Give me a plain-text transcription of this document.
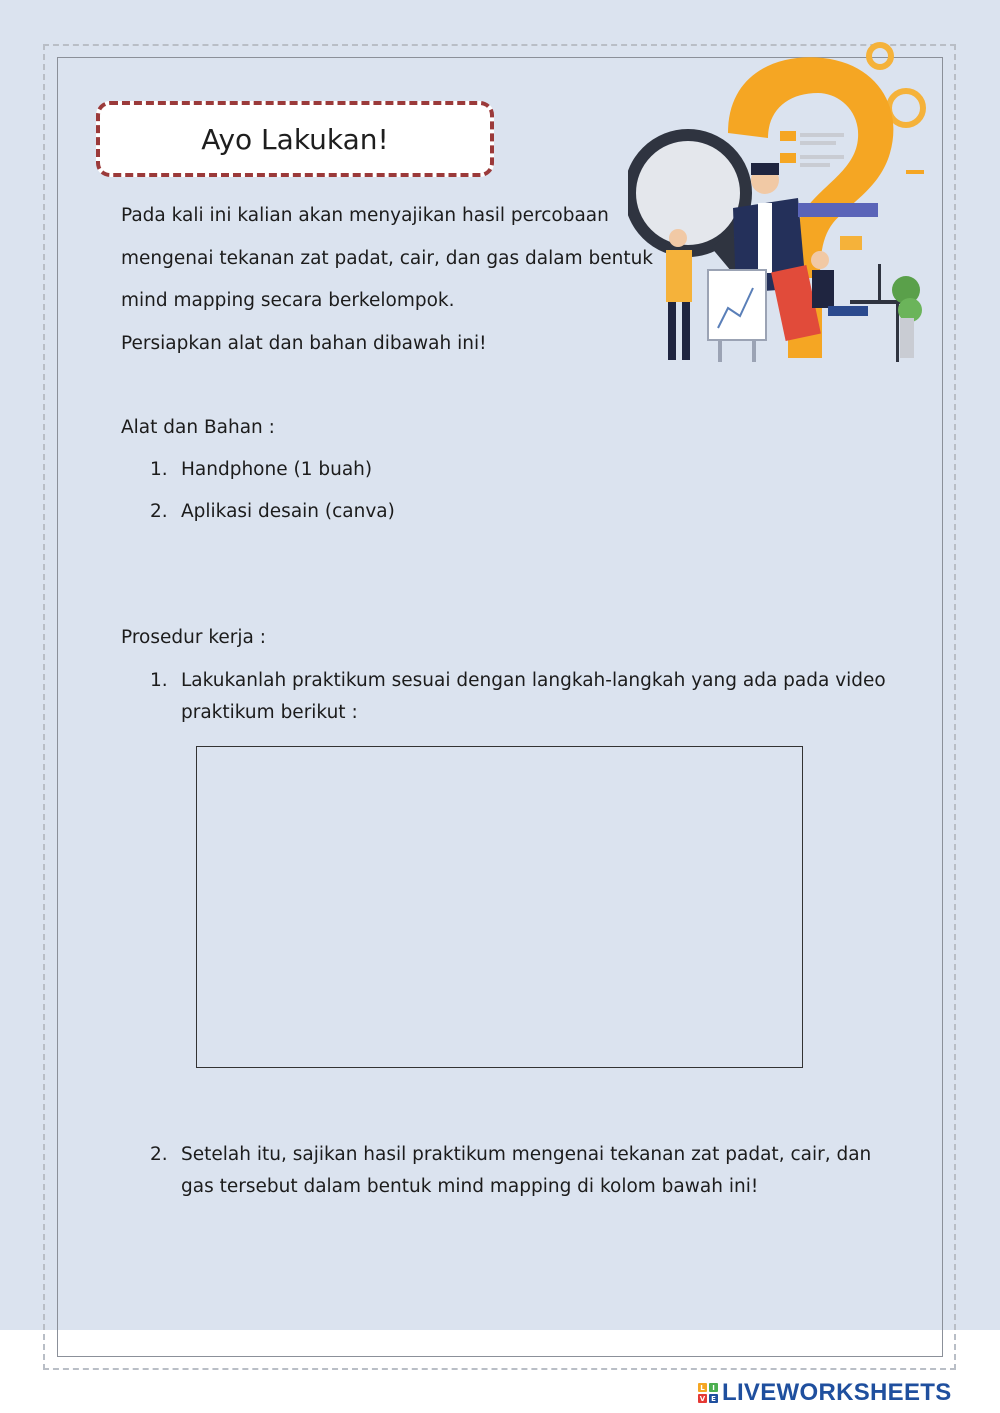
Ayo Lakukan!
Pada kali ini kalian akan menyajikan hasil percobaan
mengenai tekanan zat padat, cair, dan gas dalam bentuk
mind mapping secara berkelompok.
Persiapkan alat dan bahan dibawah ini!
Alat dan Bahan :
1. Handphone (1 buah)
2. Aplikasi desain (canva)
Prosedur kerja :
1. Lakukanlah praktikum sesuai dengan langkah-langkah yang ada pada video
praktikum berikut :
2. Setelah itu, sajikan hasil praktikum mengenai tekanan zat padat, cair, dan
gas tersebut dalam bentuk mind mapping di kolom bawah ini!
L	I
V E LIVEWORKSHEETS
